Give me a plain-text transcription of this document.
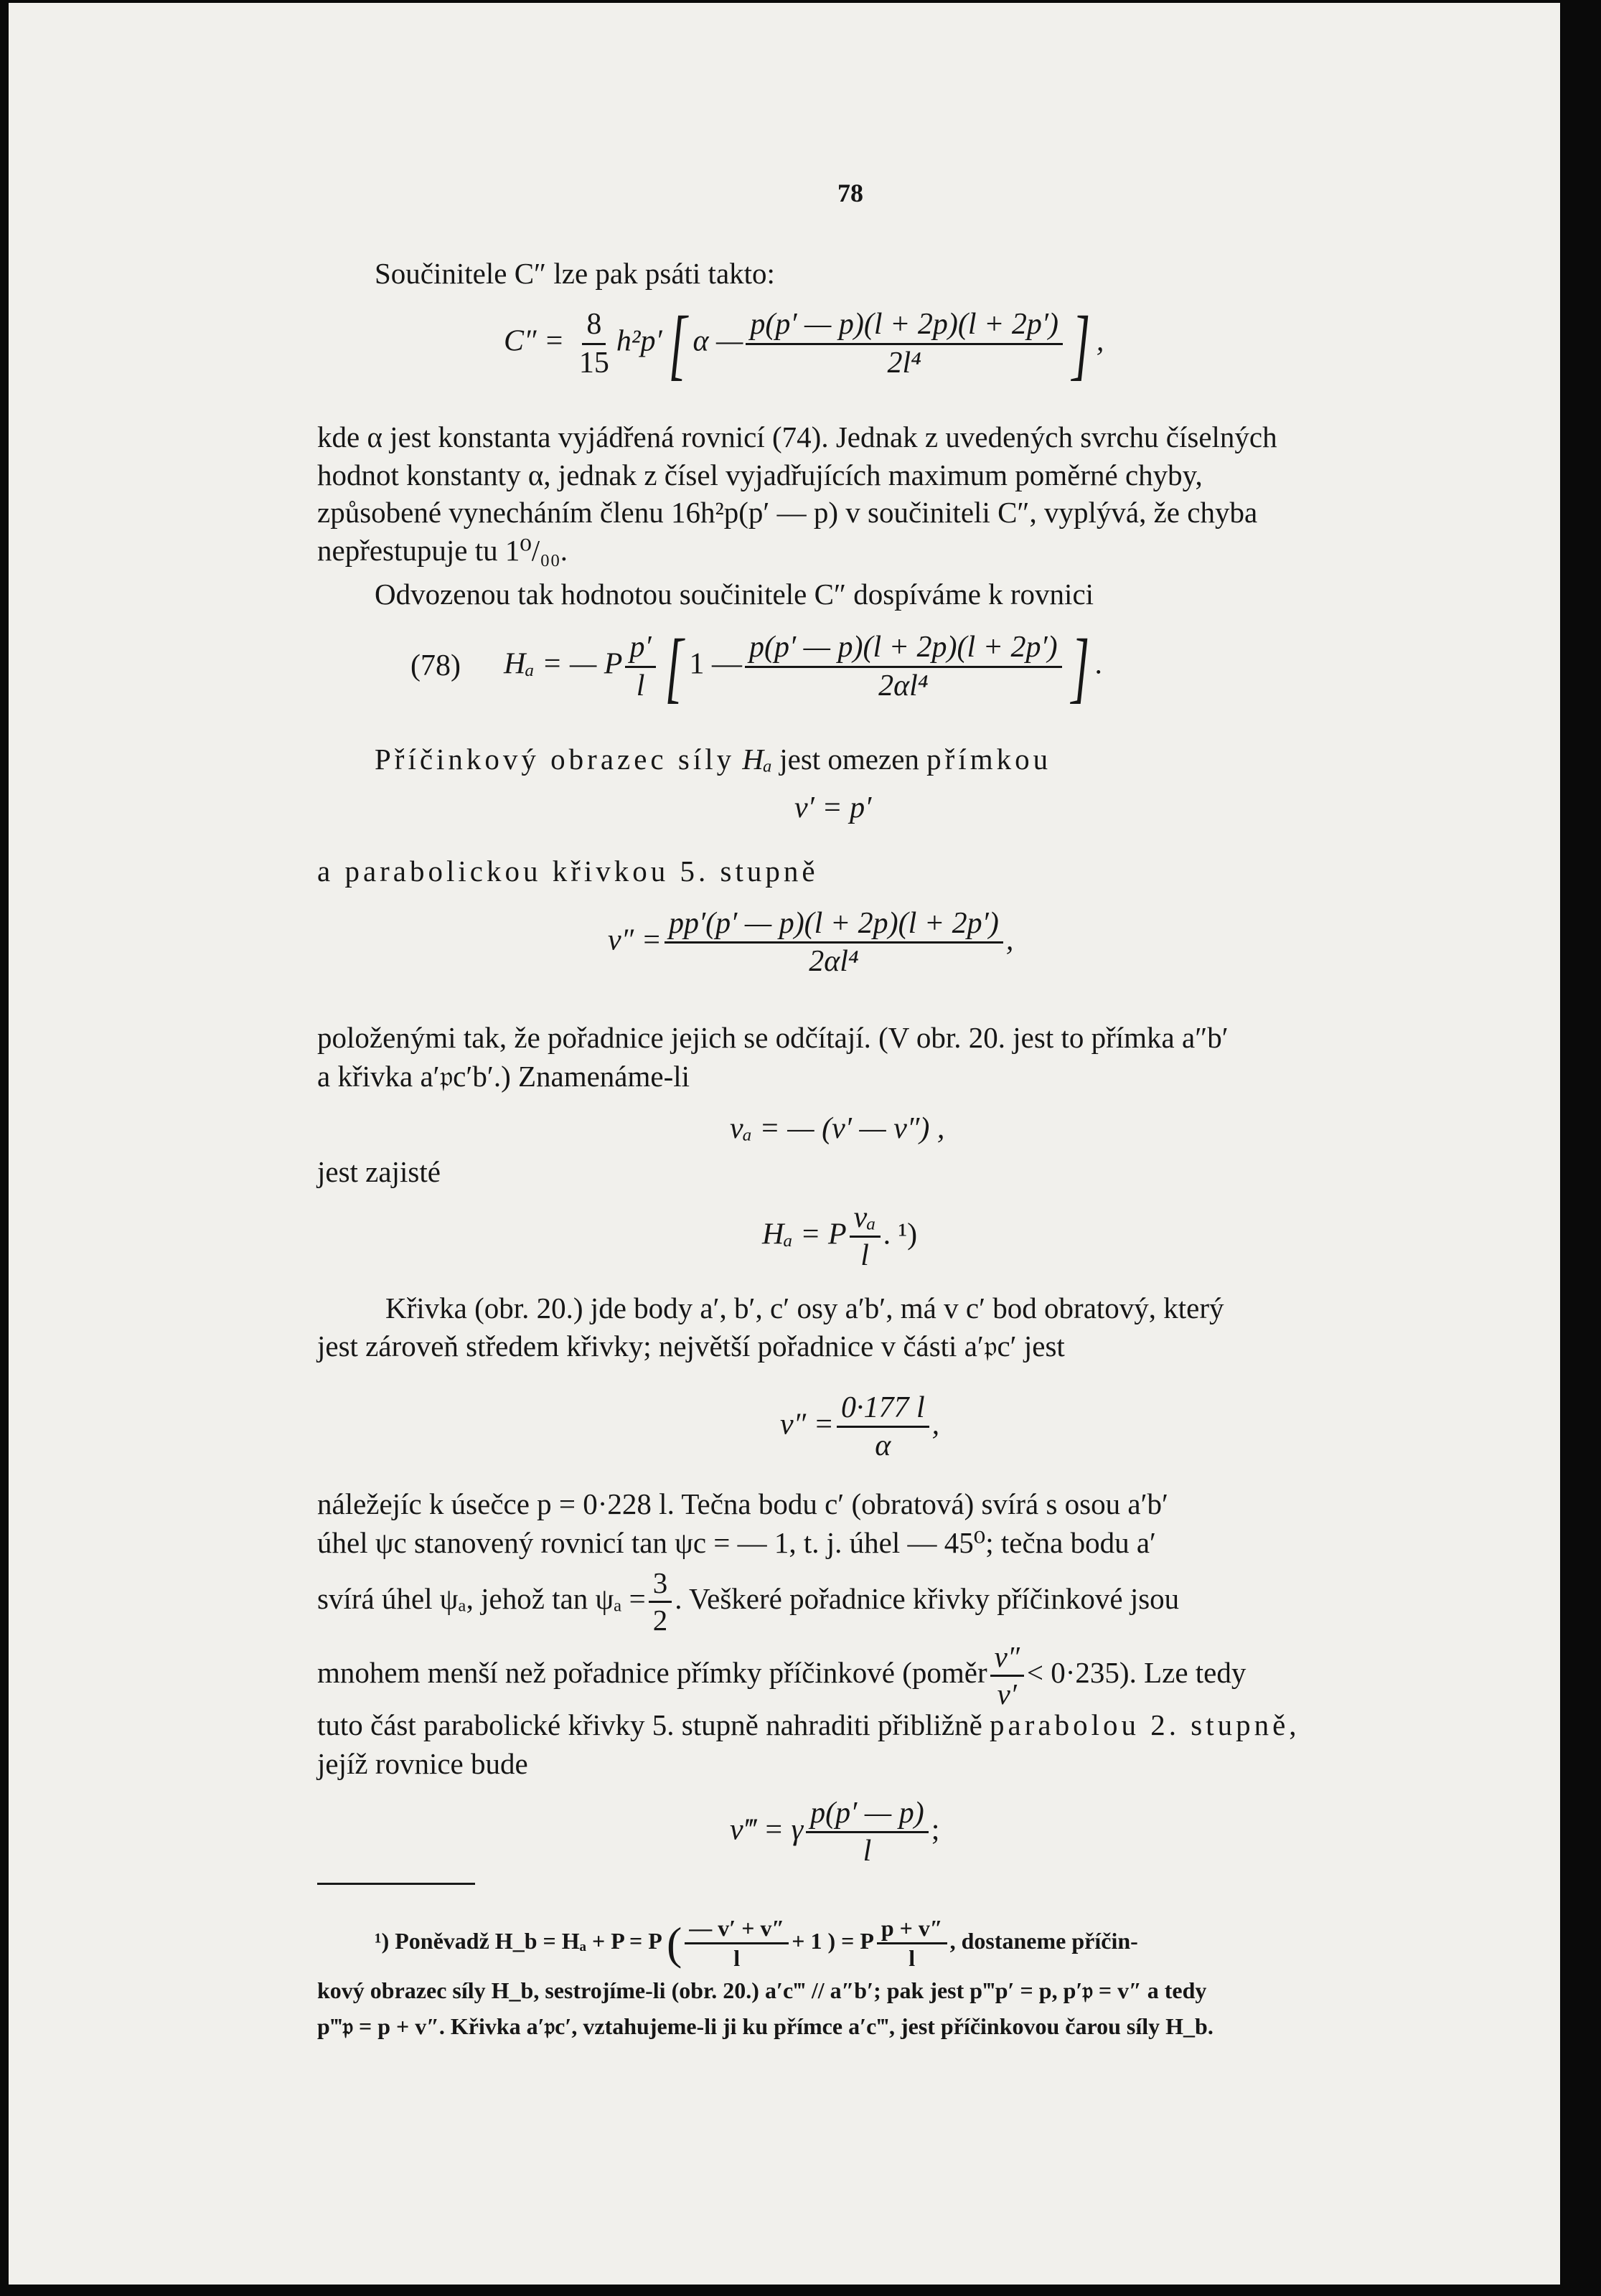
78
Součinitele C″ lze pak psáti takto:
$C'' = \frac{8}{15} h^2p'$[ α — $\frac{p(p' — p)(l + 2p)(l + 2p')}{\text{2l⁴}}$ ] ,
kde α jest konstanta vyjádřená rovnicí (74). Jednak z uvedených svrchu číselných
hodnot konstanty α, jednak z čísel vyjadřujících maximum poměrné chyby,
způsobené vynecháním členu 16h²p(p′ — p) v součiniteli C″, vyplývá, že chyba
nepřestupuje tu 1⁰/₀₀.
Odvozenou tak hodnotou součinitele C″ dospíváme k rovnici
(78) Hₐ = — P $\frac{p'}{l}$ [ 1 — $\frac{p(p' — p)(l + 2p)(l + 2p')}{\text{2αl⁴}}$ ] .
Příčinkový obrazec síly Hₐ jest omezen přímkou
v′ = p′
a parabolickou křivkou 5. stupně
$v'' = \frac{pp'(p' — p)(l + 2p)(l + 2p')}{\text{2αl⁴}}$ ,
položenými tak, že pořadnice jejich se odčítají. (V obr. 20. jest to přímka a″b′
a křivka a′𝔭c′b′.) Znamenáme-li
vₐ = — (v′ — v″) ,
jest zajisté
Hₐ = P $\frac{\text{vₐ}}{l}$ . ¹)
Křivka (obr. 20.) jde body a′, b′, c′ osy a′b′, má v c′ bod obratový, který
jest zároveň středem křivky; největší pořadnice v části a′𝔭c′ jest
$v'' = \frac{0\cdot 177 l}{\alpha}$ ,
náležejíc k úsečce p = 0·228 l. Tečna bodu c′ (obratová) svírá s osou a′b′
úhel ψc stanovený rovnicí tan ψc = — 1, t. j. úhel — 45⁰; tečna bodu a′
svírá úhel ψₐ, jehož $\tan \psi_a = \frac{3}{2}$ . Veškeré pořadnice křivky příčinkové jsou
mnohem menší než pořadnice přímky příčinkové (poměr $\frac{v''}{v'} < 0\cdot 235$). Lze tedy
tuto část parabolické křivky 5. stupně nahraditi přibližně parabolou 2. stupně,
jejíž rovnice bude
v‴ = γ $\frac{p(p' — p)}{l}$ ;
¹) Poněvadž H_b = Hₐ + P = P ( $\frac{— v' + v''}{l} + 1$ ) = P $\frac{p + v''}{l}$ , dostaneme příčin-
kový obrazec síly H_b, sestrojíme-li (obr. 20.) a′c‴ // a″b′; pak jest p‴p′ = p, p′𝔭 = v″ a tedy
p‴𝔭 = p + v″. Křivka a′𝔭c′, vztahujeme-li ji ku přímce a′c‴, jest příčinkovou čarou síly H_b.
